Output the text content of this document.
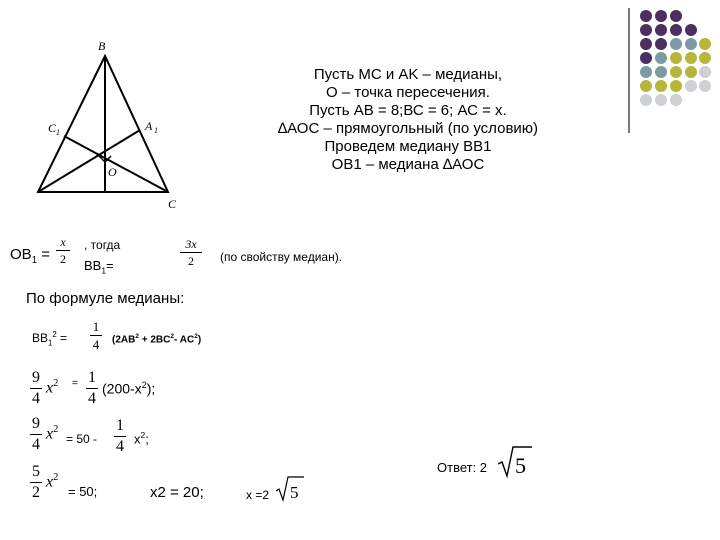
B
C 1	A 1
O
C
Пусть MC и AK – медианы,
О – точка пересечения.
Пусть АВ = 8;ВС = 6; АС = х.
∆АОС – прямоугольный (по условию)
Проведем медиану ВВ1
ОВ1 – медиана ∆АОС
$OB_1$ =
x
2
, тогда
$BB_1=$
3x
2	(по свойству медиан).
По формуле медианы:
$BB_1^2$ =
1
4 ($2AB^2 + 2BC^2-$ $AC^2$)
9
4
$x^2 = 1$
4
$(200-x^2)$;
9
4
$x^2$
= 50 -
1
4 $x^2$;
5
2
$x^2$
= 50;	x2 = 20;	x =2 5
Ответ: 2 5
